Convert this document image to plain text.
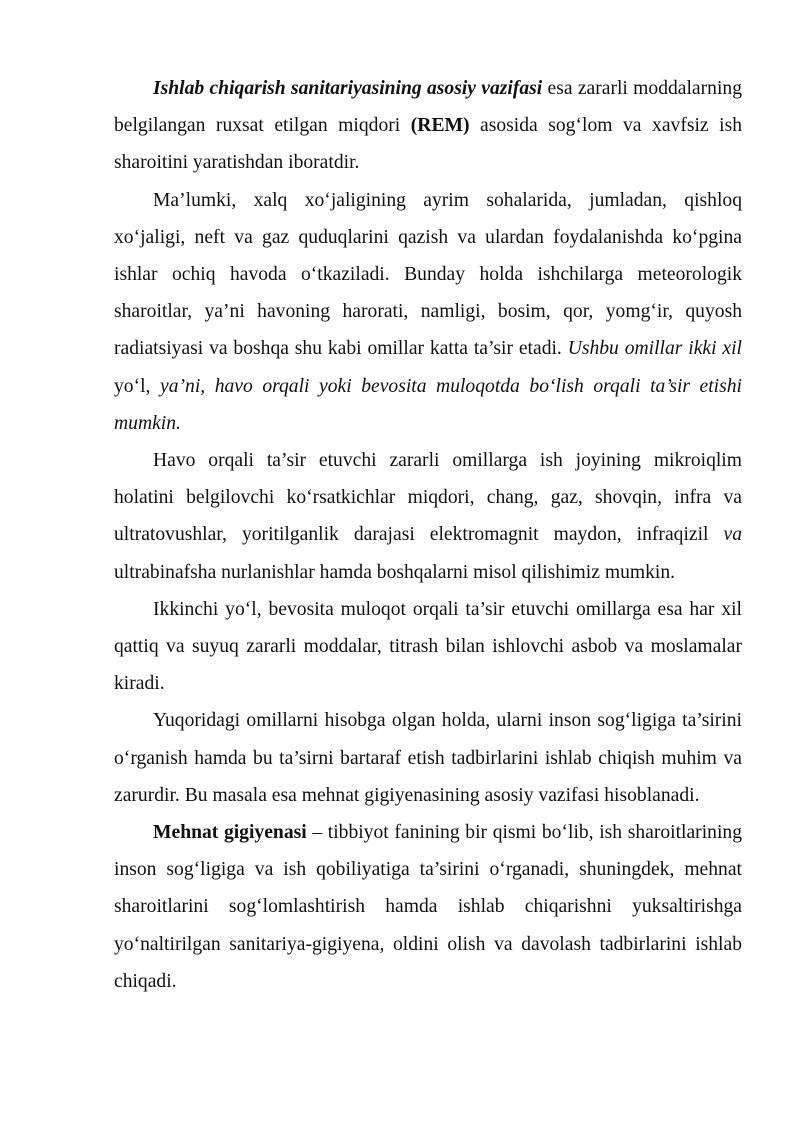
Ishlab chiqarish sanitariyasining asosiy vazifasi esa zararli moddalarning belgilangan ruxsat etilgan miqdori (REM) asosida sog‘lom va xavfsiz ish sharoitini yaratishdan iboratdir.

Ma’lumki, xalq xo‘jaligining ayrim sohalarida, jumladan, qishloq xo‘jaligi, neft va gaz quduqlarini qazish va ulardan foydalanishda ko‘pgina ishlar ochiq havoda o‘tkaziladi. Bunday holda ishchilarga meteorologik sharoitlar, ya’ni havoning harorati, namligi, bosim, qor, yomg‘ir, quyosh radiatsiyasi va boshqa shu kabi omillar katta ta’sir etadi. Ushbu omillar ikki xil yo‘l, ya’ni, havo orqali yoki bevosita muloqotda bo‘lish orqali ta’sir etishi mumkin.

Havo orqali ta’sir etuvchi zararli omillarga ish joyining mikroiqlim holatini belgilovchi ko‘rsatkichlar miqdori, chang, gaz, shovqin, infra va ultratovushlar, yoritilganlik darajasi elektromagnit maydon, infraqizil va ultrabinafsha nurlanishlar hamda boshqalarni misol qilishimiz mumkin.

Ikkinchi yo‘l, bevosita muloqot orqali ta’sir etuvchi omillarga esa har xil qattiq va suyuq zararli moddalar, titrash bilan ishlovchi asbob va moslamalar kiradi.

Yuqoridagi omillarni hisobga olgan holda, ularni inson sog‘ligiga ta’sirini o‘rganish hamda bu ta’sirni bartaraf etish tadbirlarini ishlab chiqish muhim va zarurdir. Bu masala esa mehnat gigiyenasining asosiy vazifasi hisoblanadi.

Mehnat gigiyenasi – tibbiyot fanining bir qismi bo‘lib, ish sharoitlarining inson sog‘ligiga va ish qobiliyatiga ta’sirini o‘rganadi, shuningdek, mehnat sharoitlarini sog‘lomlashtirish hamda ishlab chiqarishni yuksaltirishga yo‘naltirilgan sanitariya-gigiyena, oldini olish va davolash tadbirlarini ishlab chiqadi.
